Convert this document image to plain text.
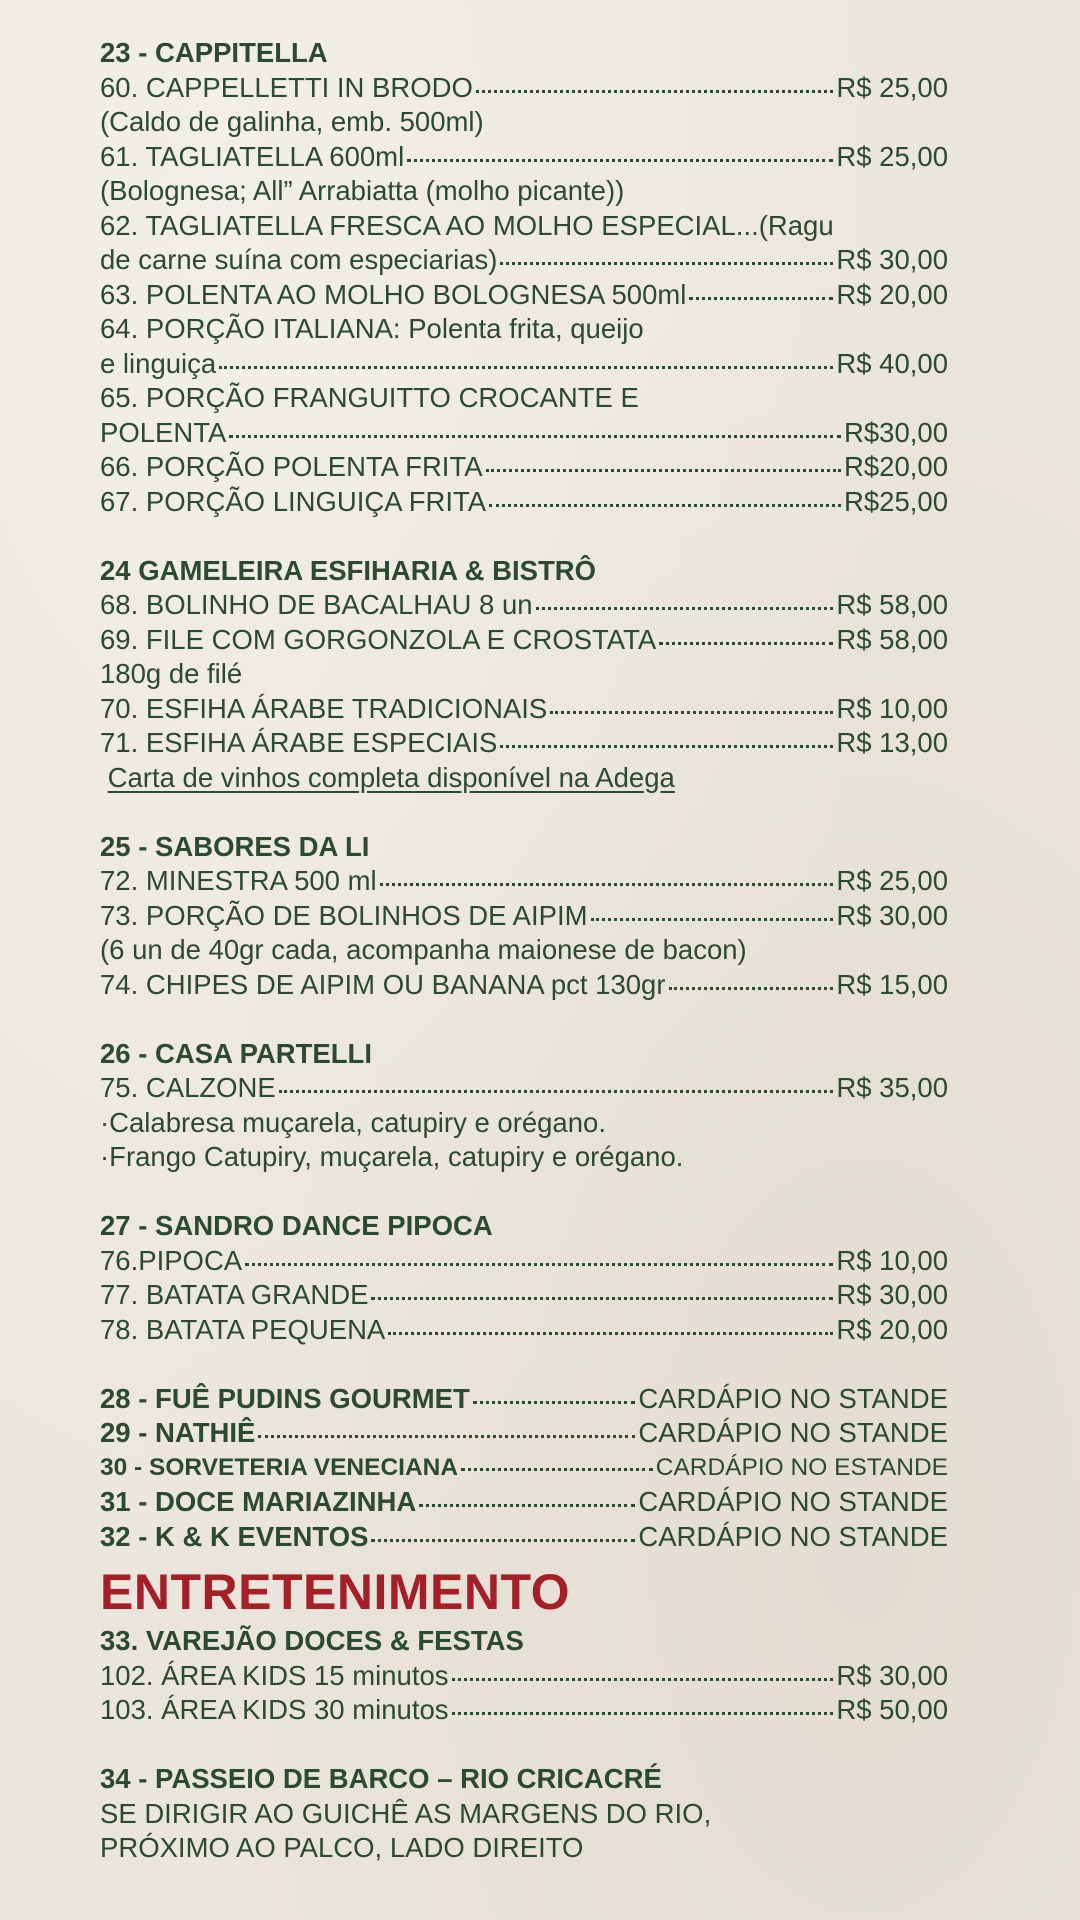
23 - CAPPITELLA
60. CAPPELLETTI IN BRODO	R$ 25,00
(Caldo de galinha, emb. 500ml)
61. TAGLIATELLA 600ml	R$ 25,00
(Bolognesa; All” Arrabiatta (molho picante))
62. TAGLIATELLA FRESCA AO MOLHO ESPECIAL...(Ragu
de carne suína com especiarias)	R$ 30,00
63. POLENTA AO MOLHO BOLOGNESA 500ml	R$ 20,00
64. PORÇÃO ITALIANA: Polenta frita, queijo
e linguiça	R$ 40,00
65. PORÇÃO FRANGUITTO CROCANTE E
POLENTA	R$30,00
66. PORÇÃO POLENTA FRITA	R$20,00
67. PORÇÃO LINGUIÇA FRITA	R$25,00
24 GAMELEIRA ESFIHARIA & BISTRÔ
68. BOLINHO DE BACALHAU 8 un	R$ 58,00
69. FILE COM GORGONZOLA E CROSTATA	R$ 58,00
180g de filé
70. ESFIHA ÁRABE TRADICIONAIS	R$ 10,00
71. ESFIHA ÁRABE ESPECIAIS	R$ 13,00
Carta de vinhos completa disponível na Adega
25 - SABORES DA LI
72. MINESTRA 500 ml	R$ 25,00
73. PORÇÃO DE BOLINHOS DE AIPIM	R$ 30,00
(6 un de 40gr cada, acompanha maionese de bacon)
74. CHIPES DE AIPIM OU BANANA pct 130gr	R$ 15,00
26 - CASA PARTELLI
75. CALZONE	R$ 35,00
·Calabresa muçarela, catupiry e orégano.
·Frango Catupiry, muçarela, catupiry e orégano.
27 - SANDRO DANCE PIPOCA
76.PIPOCA	R$ 10,00
77. BATATA GRANDE	R$ 30,00
78. BATATA PEQUENA	R$ 20,00
28 - FUÊ PUDINS GOURMET	CARDÁPIO NO STANDE
29 - NATHIÊ	CARDÁPIO NO STANDE
30 - SORVETERIA VENECIANA	CARDÁPIO NO ESTANDE
31 - DOCE MARIAZINHA	CARDÁPIO NO STANDE
32 - K & K EVENTOS	CARDÁPIO NO STANDE
ENTRETENIMENTO
33. VAREJÃO DOCES & FESTAS
102. ÁREA KIDS 15 minutos	R$ 30,00
103. ÁREA KIDS 30 minutos	R$ 50,00
34 - PASSEIO DE BARCO – RIO CRICACRÉ
SE DIRIGIR AO GUICHÊ AS MARGENS DO RIO,
PRÓXIMO AO PALCO, LADO DIREITO
